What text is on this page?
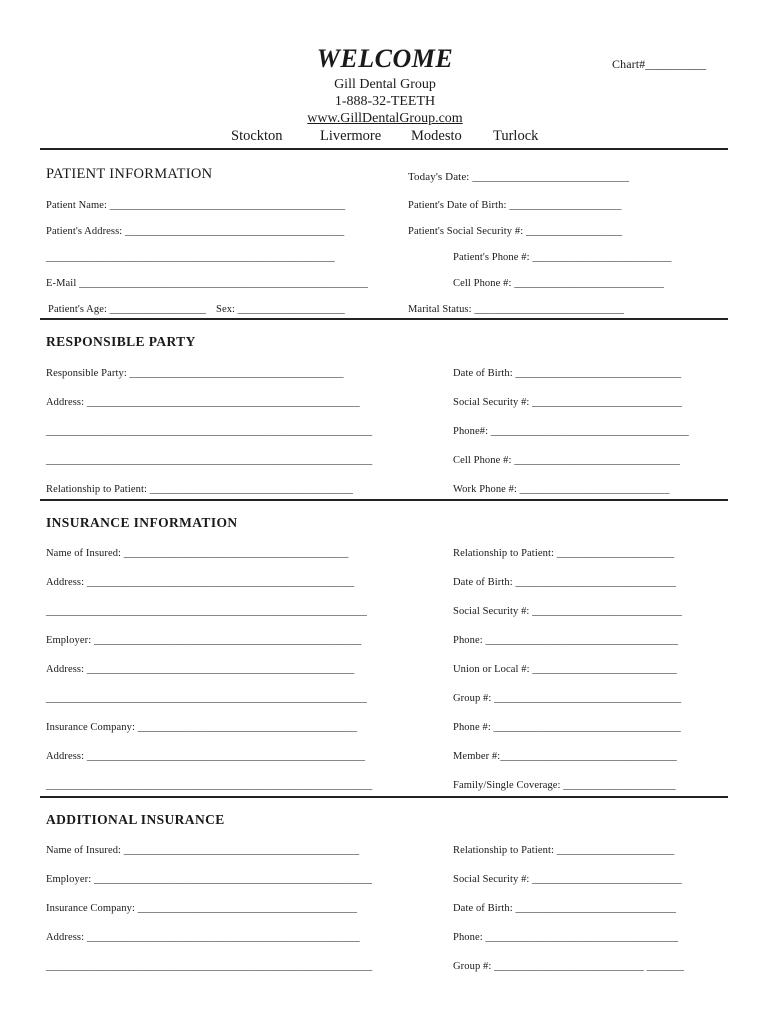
WELCOME	Chart#__________
Gill Dental Group
1-888-32-TEETH
www.GillDentalGroup.com
Stockton	Livermore Modesto Turlock
PATIENT INFORMATION	Today's Date: ____________________________
Patient Name: ____________________________________________	Patient's Date of Birth: _____________________
Patient's Address: _________________________________________	Patient's Social Security #: __________________
______________________________________________________	Patient's Phone #: __________________________
E-Mail ______________________________________________________	Cell Phone #: ____________________________
Patient's Age: __________________ Sex: ____________________	Marital Status: ____________________________
RESPONSIBLE PARTY
Responsible Party: ________________________________________	Date of Birth: _______________________________
Address: ___________________________________________________	Social Security #: ____________________________
_____________________________________________________________	Phone#: _____________________________________
_____________________________________________________________	Cell Phone #: _______________________________
Relationship to Patient: ______________________________________	Work Phone #: ____________________________
INSURANCE INFORMATION
Name of Insured: __________________________________________	Relationship to Patient: ______________________
Address: __________________________________________________	Date of Birth: ______________________________
____________________________________________________________	Social Security #: ____________________________
Employer: __________________________________________________	Phone: ____________________________________
Address: __________________________________________________	Union or Local #: ___________________________
____________________________________________________________	Group #: ___________________________________
Insurance Company: _________________________________________	Phone #: ___________________________________
Address: ____________________________________________________	Member #:_________________________________
_____________________________________________________________	Family/Single Coverage: _____________________
ADDITIONAL INSURANCE
Name of Insured: ____________________________________________	Relationship to Patient: ______________________
Employer: ____________________________________________________	Social Security #: ____________________________
Insurance Company: _________________________________________	Date of Birth: ______________________________
Address: ___________________________________________________	Phone: ____________________________________
_____________________________________________________________	Group #: ____________________________ _______
